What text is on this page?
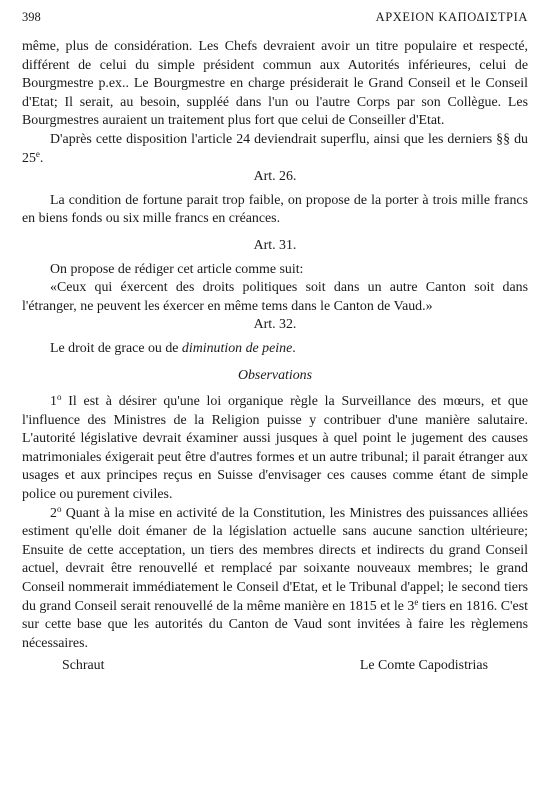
398	ΑΡΧΕΙΟΝ ΚΑΠΟΔΙΣΤΡΙΑ

même, plus de considération. Les Chefs devraient avoir un titre populaire et respecté, différent de celui du simple président commun aux Autorités inférieures, celui de Bourgmestre p.ex.. Le Bourgmestre en charge présiderait le Grand Conseil et le Conseil d'Etat; Il serait, au besoin, suppléé dans l'un ou l'autre Corps par son Collègue. Les Bourgmestres auraient un traitement plus fort que celui de Conseiller d'Etat.

D'après cette disposition l'article 24 deviendrait superflu, ainsi que les derniers §§ du 25e.

Art. 26.

La condition de fortune parait trop faible, on propose de la porter à trois mille francs en biens fonds ou six mille francs en créances.

Art. 31.

On propose de rédiger cet article comme suit:

«Ceux qui éxercent des droits politiques soit dans un autre Canton soit dans l'étranger, ne peuvent les éxercer en même tems dans le Canton de Vaud.»

Art. 32.

Le droit de grace ou de diminution de peine.

Observations

1$^o$ Il est à désirer qu'une loi organique règle la Surveillance des mœurs, et que l'influence des Ministres de la Religion puisse y contribuer d'une manière salutaire. L'autorité législative devrait éxaminer aussi jusques à quel point le jugement des causes matrimoniales éxigerait peut être d'autres formes et un autre tribunal; il parait étranger aux usages et aux principes reçus en Suisse d'envisager ces causes comme étant de simple police ou purement civiles.

2$^o$ Quant à la mise en activité de la Constitution, les Ministres des puissances alliées estiment qu'elle doit émaner de la législation actuelle sans aucune sanction ultérieure; Ensuite de cette acceptation, un tiers des membres directs et indirects du grand Conseil actuel, devrait être renouvellé et remplacé par soixante nouveaux membres; le grand Conseil nommerait immédiatement le Conseil d'Etat, et le Tribunal d'appel; le second tiers du grand Conseil serait renouvellé de la même manière en 1815 et le 3e tiers en 1816. C'est sur cette base que les autorités du Canton de Vaud sont invitées à faire les règlemens nécessaires.

Schraut	Le Comte Capodistrias
